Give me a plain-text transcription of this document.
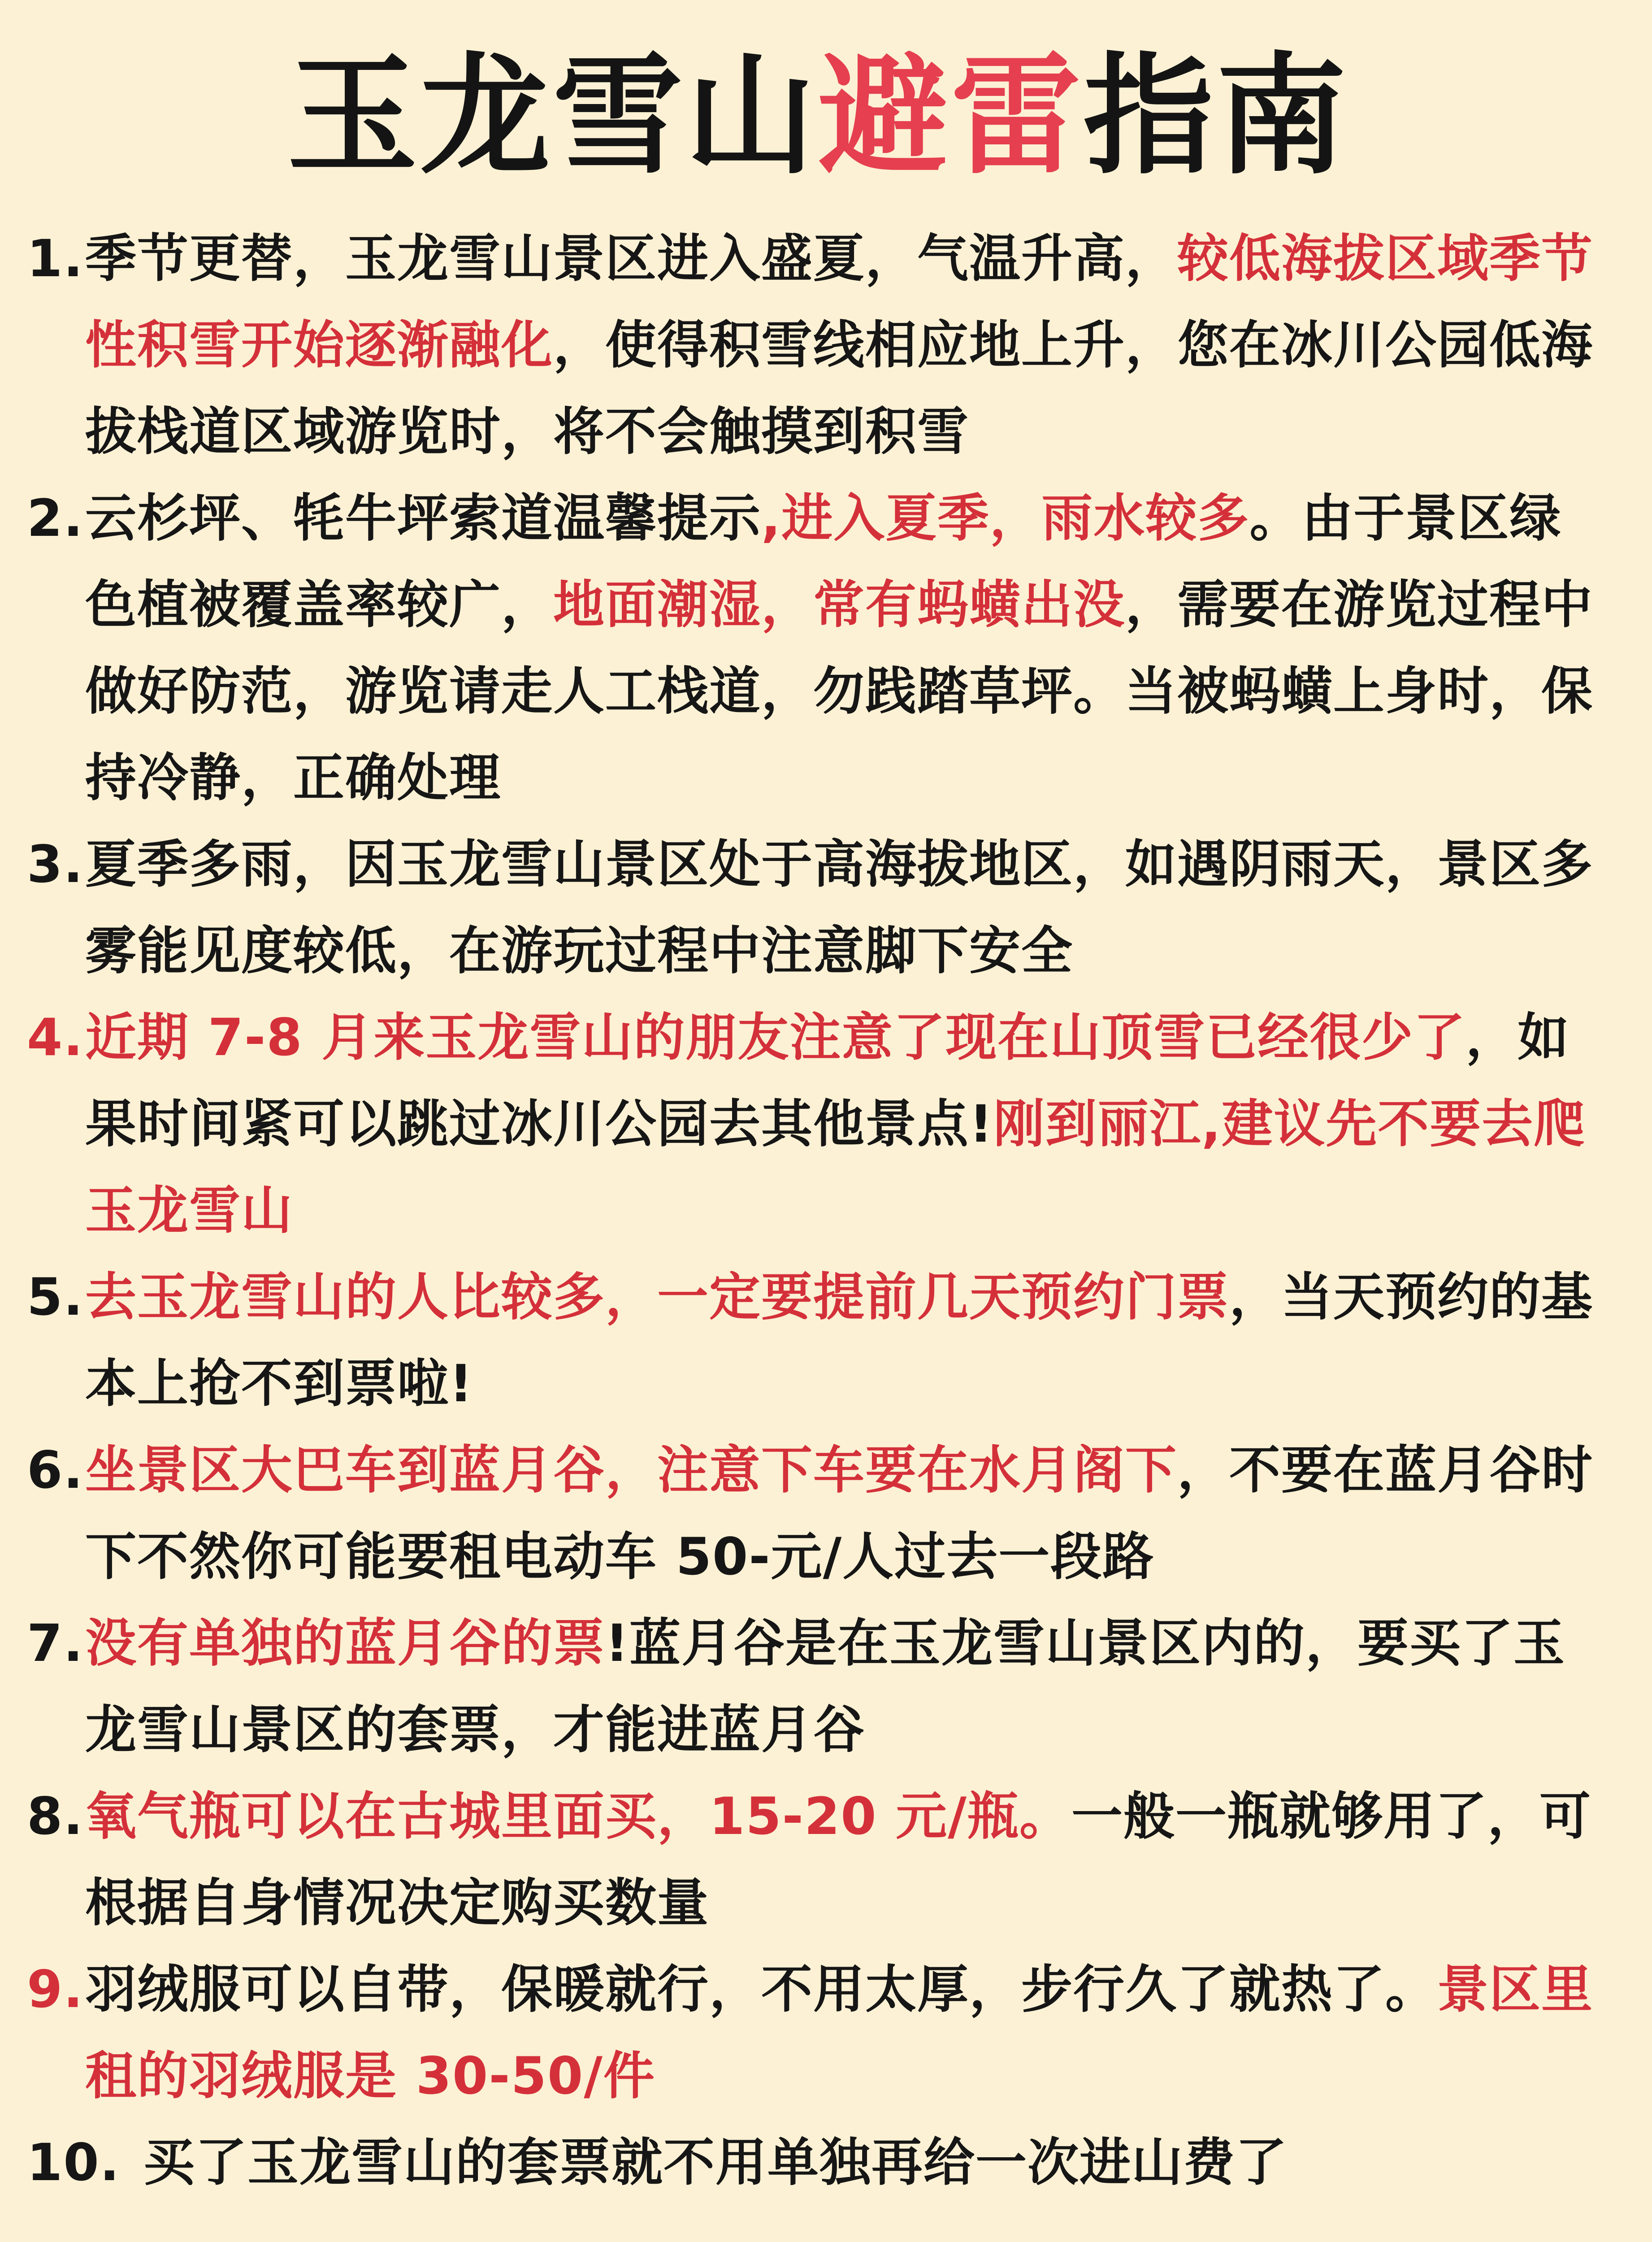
玉龙雪山避雷指南
1. 季节更替，玉龙雪山景区进入盛夏，气温升高，较低海拔区域季节性积雪开始逐渐融化，使得积雪线相应地上升，您在冰川公园低海拔栈道区域游览时，将不会触摸到积雪
2. 云杉坪、牦牛坪索道温馨提示,进入夏季，雨水较多。由于景区绿色植被覆盖率较广，地面潮湿，常有蚂蟥出没，需要在游览过程中做好防范，游览请走人工栈道，勿践踏草坪。当被蚂蟥上身时，保持冷静，正确处理
3. 夏季多雨，因玉龙雪山景区处于高海拔地区，如遇阴雨天，景区多雾能见度较低，在游玩过程中注意脚下安全
4. 近期 7-8 月来玉龙雪山的朋友注意了现在山顶雪已经很少了，如果时间紧可以跳过冰川公园去其他景点!刚到丽江,建议先不要去爬玉龙雪山
5. 去玉龙雪山的人比较多，一定要提前几天预约门票，当天预约的基本上抢不到票啦!
6. 坐景区大巴车到蓝月谷，注意下车要在水月阁下，不要在蓝月谷时下不然你可能要租电动车 50-元/人过去一段路
7. 没有单独的蓝月谷的票!蓝月谷是在玉龙雪山景区内的，要买了玉龙雪山景区的套票，才能进蓝月谷
8. 氧气瓶可以在古城里面买，15-20 元/瓶。一般一瓶就够用了，可根据自身情况决定购买数量
9. 羽绒服可以自带，保暖就行，不用太厚，步行久了就热了。景区里租的羽绒服是 30-50/件
10. 买了玉龙雪山的套票就不用单独再给一次进山费了
